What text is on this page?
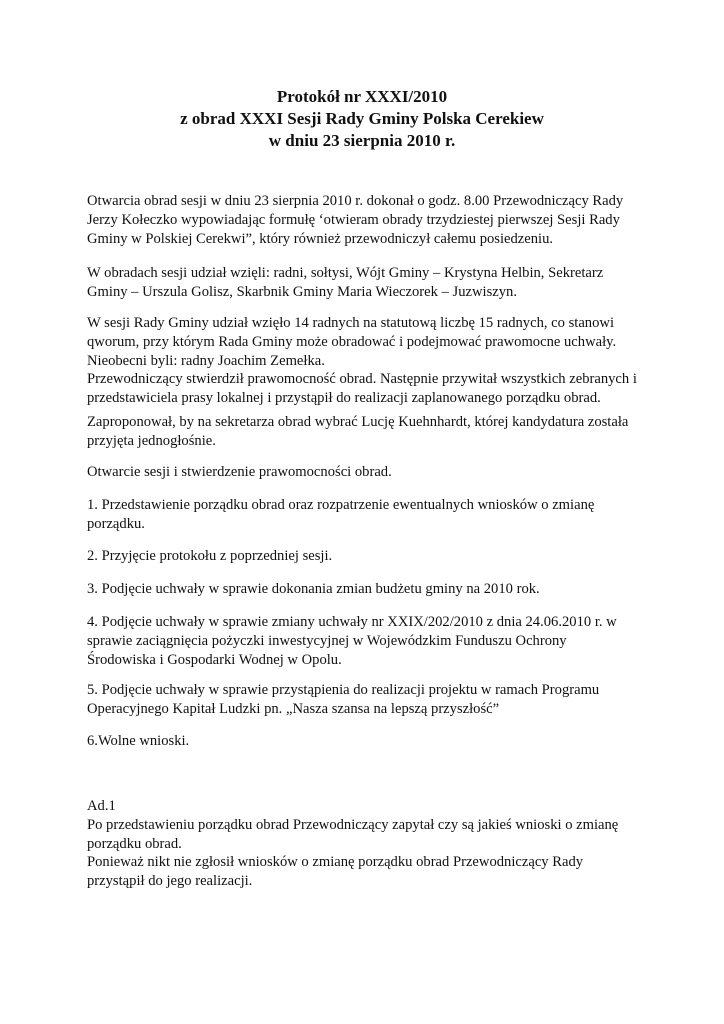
Protokół nr XXXI/2010
z obrad XXXI Sesji Rady Gminy Polska Cerekiew
w dniu 23 sierpnia 2010 r.
Otwarcia obrad sesji w dniu 23 sierpnia 2010 r. dokonał o godz. 8.00 Przewodniczący Rady
Jerzy Kołeczko wypowiadając formułę ‘otwieram obrady trzydziestej pierwszej Sesji Rady
Gminy w Polskiej Cerekwi”, który również przewodniczył całemu posiedzeniu.
W obradach sesji udział wzięli: radni, sołtysi, Wójt Gminy – Krystyna Helbin, Sekretarz
Gminy – Urszula Golisz, Skarbnik Gminy Maria Wieczorek – Juzwiszyn.
W sesji Rady Gminy udział wzięło 14 radnych na statutową liczbę 15 radnych, co stanowi
qworum, przy którym Rada Gminy może obradować i podejmować prawomocne uchwały.
Nieobecni byli: radny Joachim Zemełka.
Przewodniczący stwierdził prawomocność obrad. Następnie przywitał wszystkich zebranych i
przedstawiciela prasy lokalnej i przystąpił do realizacji zaplanowanego porządku obrad.
Zaproponował, by na sekretarza obrad wybrać Lucję Kuehnhardt, której kandydatura została
przyjęta jednogłośnie.
Otwarcie sesji i stwierdzenie prawomocności obrad.
1. Przedstawienie porządku obrad oraz rozpatrzenie ewentualnych wniosków o zmianę
porządku.
2. Przyjęcie protokołu z poprzedniej sesji.
3. Podjęcie uchwały w sprawie dokonania zmian budżetu gminy na 2010 rok.
4. Podjęcie uchwały w sprawie zmiany uchwały nr XXIX/202/2010 z dnia 24.06.2010 r. w
sprawie zaciągnięcia pożyczki inwestycyjnej w Wojewódzkim Funduszu Ochrony
Środowiska i Gospodarki Wodnej w Opolu.
5. Podjęcie uchwały w sprawie przystąpienia do realizacji projektu w ramach Programu
Operacyjnego Kapitał Ludzki pn. „Nasza szansa na lepszą przyszłość”
6.Wolne wnioski.
Ad.1
Po przedstawieniu porządku obrad Przewodniczący zapytał czy są jakieś wnioski o zmianę
porządku obrad.
Ponieważ nikt nie zgłosił wniosków o zmianę porządku obrad Przewodniczący Rady
przystąpił do jego realizacji.
